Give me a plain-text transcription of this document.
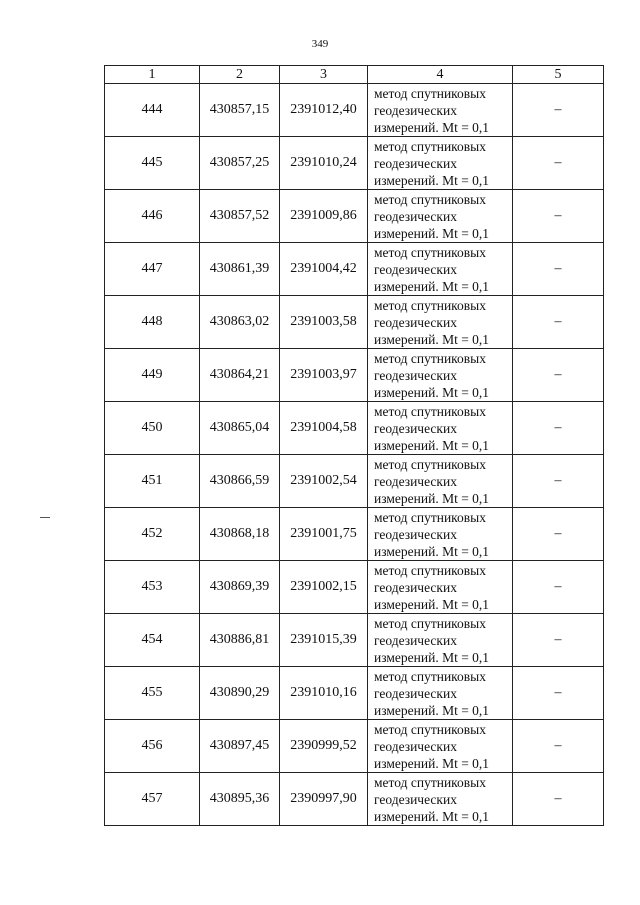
349
1	2	3	4	5
444	430857,15	2391012,40	метод спутниковых
геодезических
измерений. Mt = 0,1	–
445	430857,25	2391010,24	метод спутниковых
геодезических
измерений. Mt = 0,1	–
446	430857,52	2391009,86	метод спутниковых
геодезических
измерений. Mt = 0,1	–
447	430861,39	2391004,42	метод спутниковых
геодезических
измерений. Mt = 0,1	–
448	430863,02	2391003,58	метод спутниковых
геодезических
измерений. Mt = 0,1	–
449	430864,21	2391003,97	метод спутниковых
геодезических
измерений. Mt = 0,1	–
450	430865,04	2391004,58	метод спутниковых
геодезических
измерений. Mt = 0,1	–
451	430866,59	2391002,54	метод спутниковых
геодезических
измерений. Mt = 0,1	–
452	430868,18	2391001,75	метод спутниковых
геодезических
измерений. Mt = 0,1	–
453	430869,39	2391002,15	метод спутниковых
геодезических
измерений. Mt = 0,1	–
454	430886,81	2391015,39	метод спутниковых
геодезических
измерений. Mt = 0,1	–
455	430890,29	2391010,16	метод спутниковых
геодезических
измерений. Mt = 0,1	–
456	430897,45	2390999,52	метод спутниковых
геодезических
измерений. Mt = 0,1	–
457	430895,36	2390997,90	метод спутниковых
геодезических
измерений. Mt = 0,1	–
